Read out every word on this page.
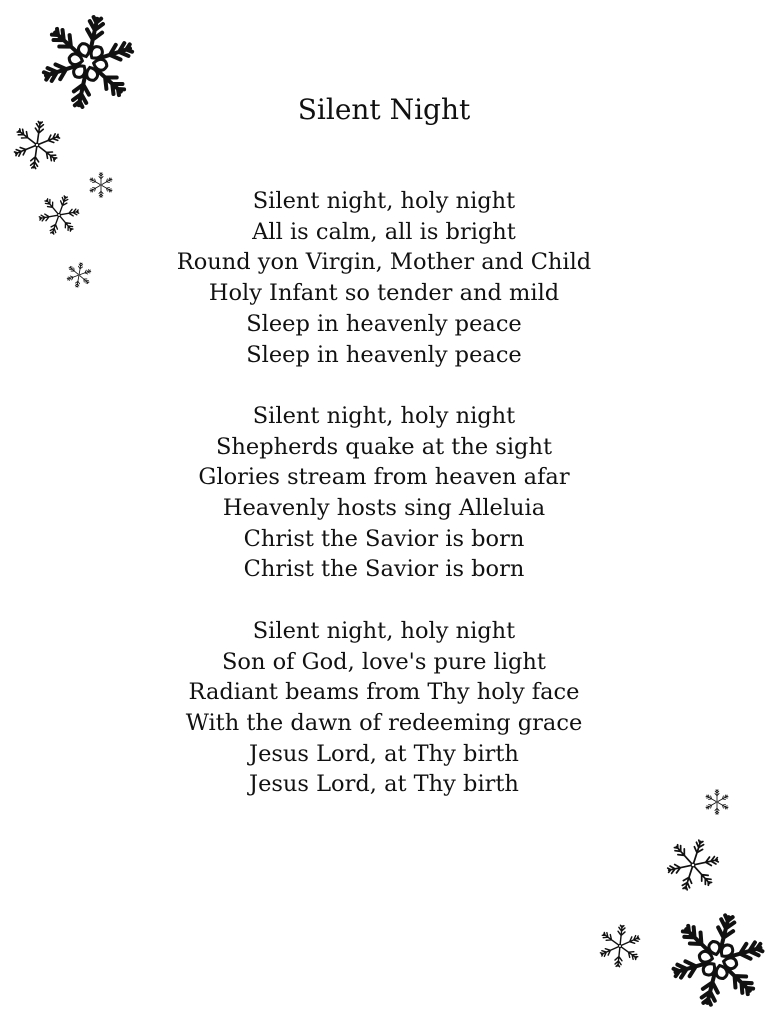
Silent Night
Silent night, holy night
All is calm, all is bright
Round yon Virgin, Mother and Child
Holy Infant so tender and mild
Sleep in heavenly peace
Sleep in heavenly peace
Silent night, holy night
Shepherds quake at the sight
Glories stream from heaven afar
Heavenly hosts sing Alleluia
Christ the Savior is born
Christ the Savior is born
Silent night, holy night
Son of God, love's pure light
Radiant beams from Thy holy face
With the dawn of redeeming grace
Jesus Lord, at Thy birth
Jesus Lord, at Thy birth
